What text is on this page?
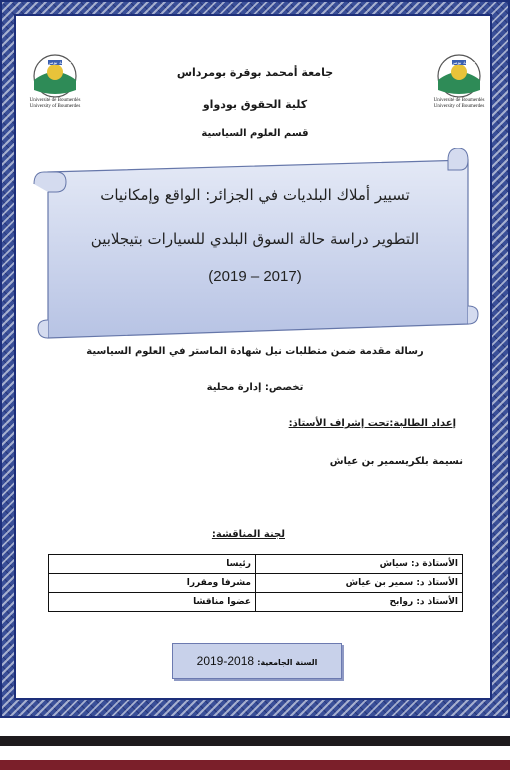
جامعة بومرداس
Université de Boumerdès
University of Boumerdes
جامعة بومرداس
Université de Boumerdès
University of Boumerdes
جامعة أمحمد بوقرة بومرداس
كلية الحقوق بودواو
قسم العلوم السياسية
تسيير أملاك البلديات في الجزائر: الواقع وإمكانيات
التطوير دراسة حالة السوق البلدي للسيارات بتيجلابين
(2019 – 2017)
رسالة مقدمة ضمن متطلبات نيل شهادة الماستر في العلوم السياسية
تخصص: إدارة محلية
إعداد الطالبة:تحت إشراف الأستاذ:
نسيمة بلكريسمير بن عياش
لجنة المناقشة:
الأستاذة د: سياش	رئيسا
الأستاذ د: سمير بن عياش	مشرفا ومقررا
الأستاذ د: روابح	عضوا مناقشا
السنة الجامعية: 2018-2019
